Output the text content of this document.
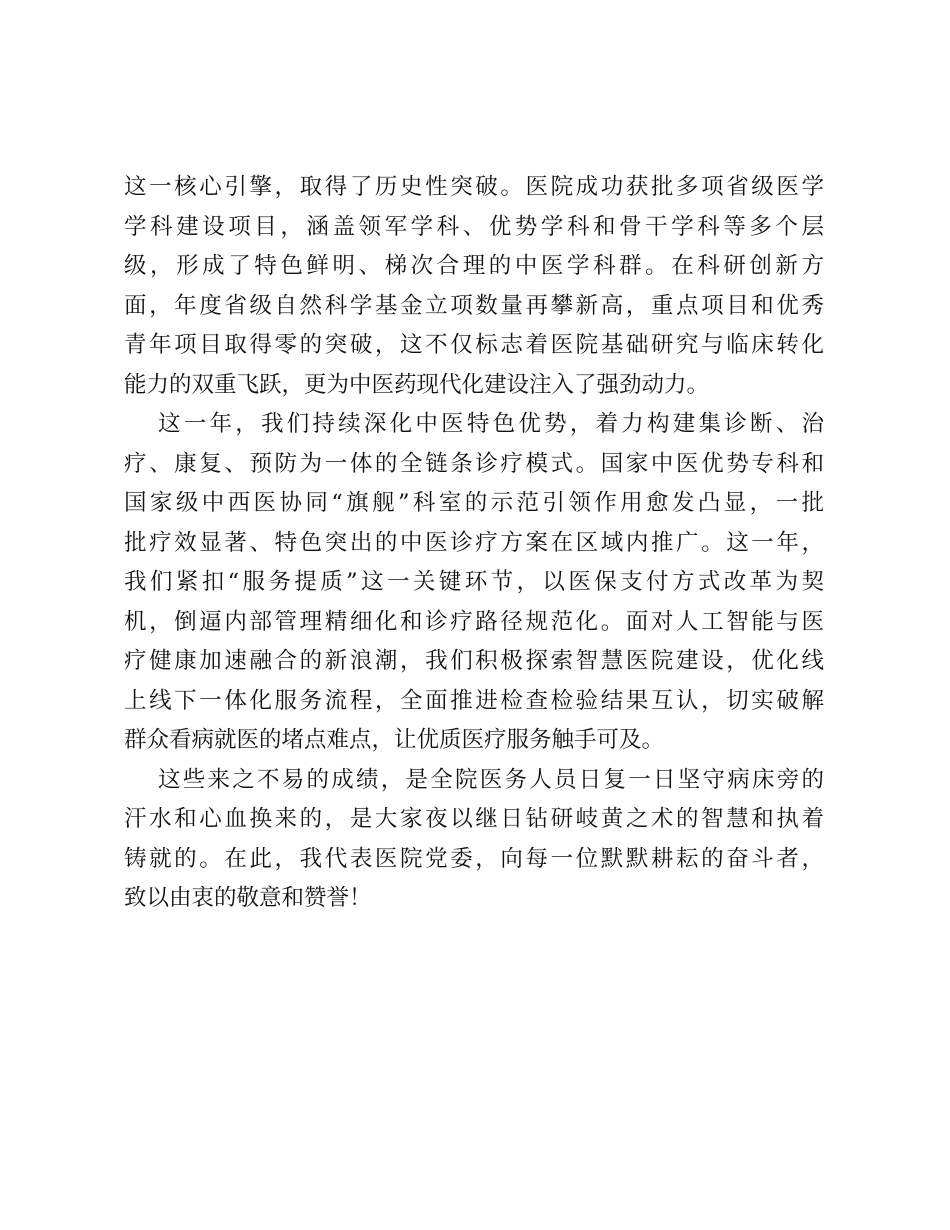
这一核心引擎，取得了历史性突破。医院成功获批多项省级医学
学科建设项目，涵盖领军学科、优势学科和骨干学科等多个层
级，形成了特色鲜明、梯次合理的中医学科群。在科研创新方
面，年度省级自然科学基金立项数量再攀新高，重点项目和优秀
青年项目取得零的突破，这不仅标志着医院基础研究与临床转化
能力的双重飞跃，更为中医药现代化建设注入了强劲动力。
这一年，我们持续深化中医特色优势，着力构建集诊断、治
疗、康复、预防为一体的全链条诊疗模式。国家中医优势专科和
国家级中西医协同“旗舰”科室的示范引领作用愈发凸显，一批
批疗效显著、特色突出的中医诊疗方案在区域内推广。这一年，
我们紧扣“服务提质”这一关键环节，以医保支付方式改革为契
机，倒逼内部管理精细化和诊疗路径规范化。面对人工智能与医
疗健康加速融合的新浪潮，我们积极探索智慧医院建设，优化线
上线下一体化服务流程，全面推进检查检验结果互认，切实破解
群众看病就医的堵点难点，让优质医疗服务触手可及。
这些来之不易的成绩，是全院医务人员日复一日坚守病床旁的
汗水和心血换来的，是大家夜以继日钻研岐黄之术的智慧和执着
铸就的。在此，我代表医院党委，向每一位默默耕耘的奋斗者，
致以由衷的敬意和赞誉！
